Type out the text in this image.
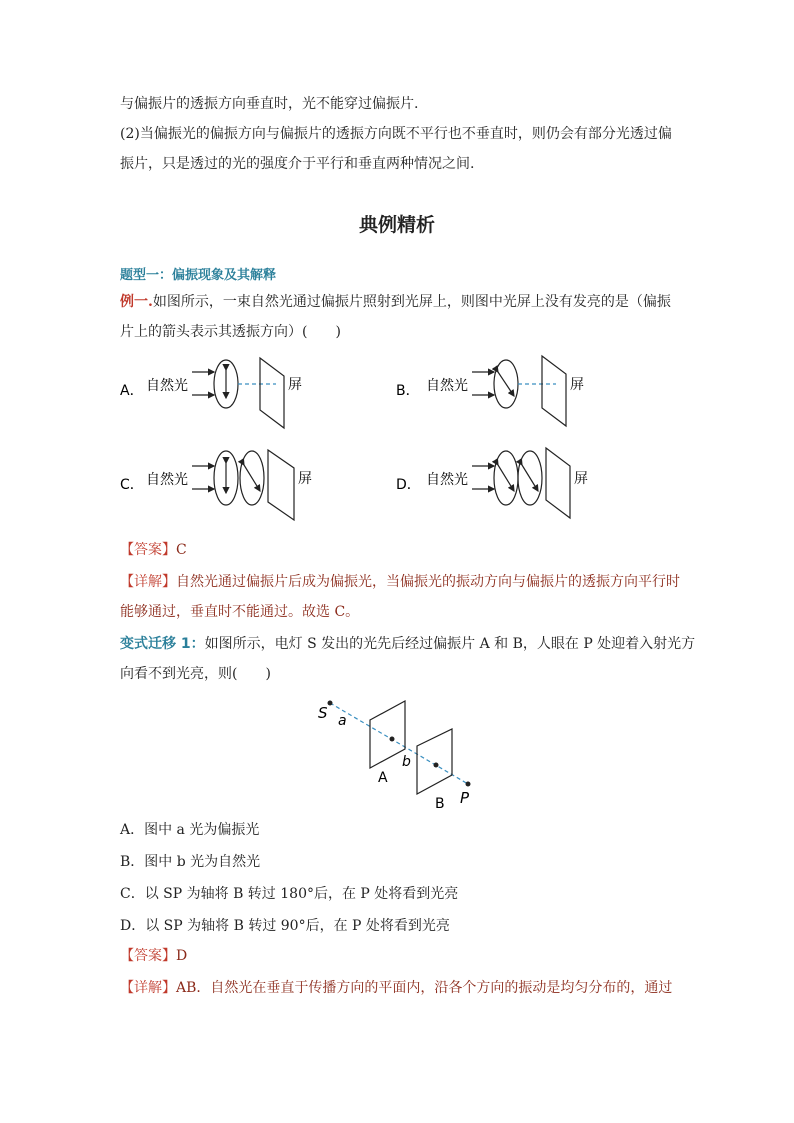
与偏振片的透振方向垂直时，光不能穿过偏振片.
(2)当偏振光的偏振方向与偏振片的透振方向既不平行也不垂直时，则仍会有部分光透过偏
振片，只是透过的光的强度介于平行和垂直两种情况之间.
典例精析
题型一：偏振现象及其解释
例一.如图所示，一束自然光通过偏振片照射到光屏上，则图中光屏上没有发亮的是（偏振
片上的箭头表示其透振方向）(　　)
A． 自然光	屏	B． 自然光	屏
C． 自然光	屏	D． 自然光	屏
S a
b
P
A
B
【答案】C
【详解】自然光通过偏振片后成为偏振光，当偏振光的振动方向与偏振片的透振方向平行时
能够通过，垂直时不能通过。故选 C。
变式迁移 1：如图所示，电灯 S 发出的光先后经过偏振片 A 和 B，人眼在 P 处迎着入射光方
向看不到光亮，则(　　)
A．图中 a 光为偏振光
B．图中 b 光为自然光
C．以 SP 为轴将 B 转过 180°后，在 P 处将看到光亮
D．以 SP 为轴将 B 转过 90°后，在 P 处将看到光亮
【答案】D
【详解】AB．自然光在垂直于传播方向的平面内，沿各个方向的振动是均匀分布的，通过
